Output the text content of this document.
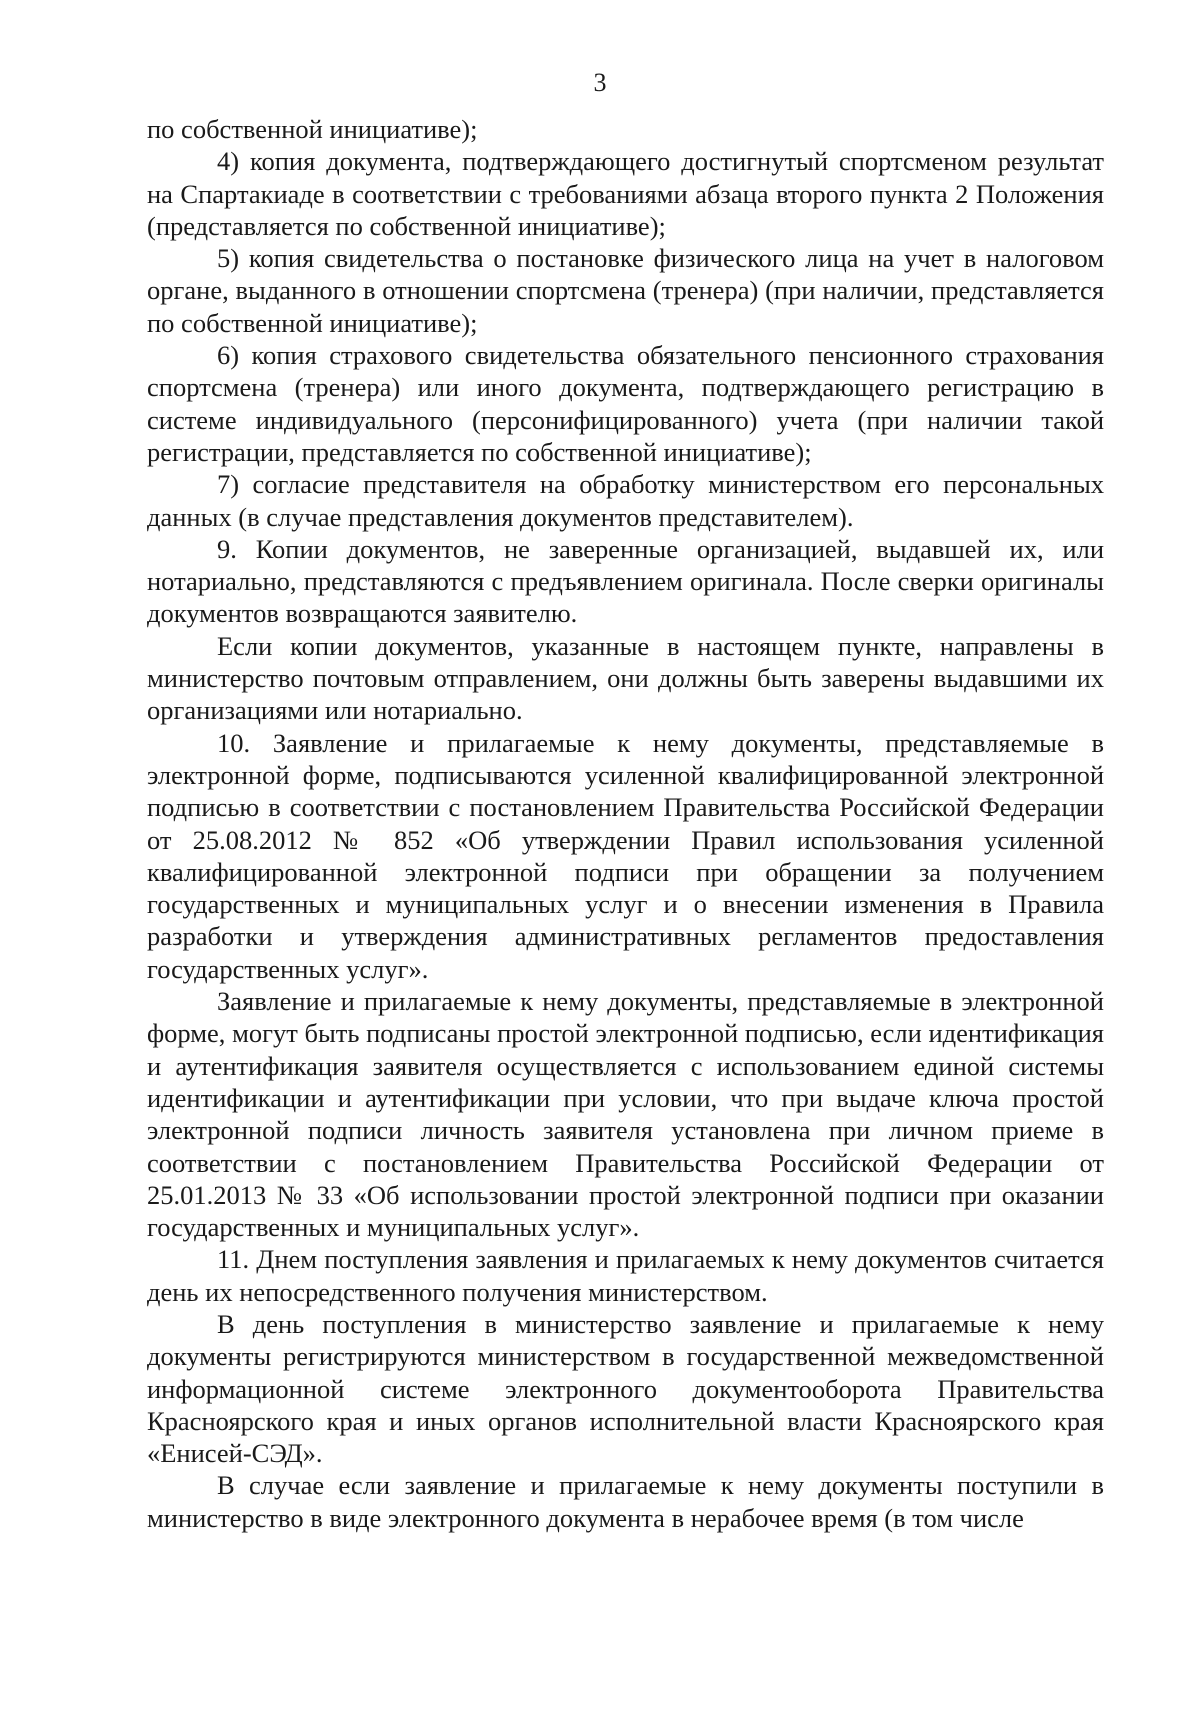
3

по собственной инициативе);

4) копия документа, подтверждающего достигнутый спортсменом результат на Спартакиаде в соответствии с требованиями абзаца второго пункта 2 Положения (представляется по собственной инициативе);

5) копия свидетельства о постановке физического лица на учет в налоговом органе, выданного в отношении спортсмена (тренера) (при наличии, представляется по собственной инициативе);

6) копия страхового свидетельства обязательного пенсионного страхования спортсмена (тренера) или иного документа, подтверждающего регистрацию в системе индивидуального (персонифицированного) учета (при наличии такой регистрации, представляется по собственной инициативе);

7) согласие представителя на обработку министерством его персональных данных (в случае представления документов представителем).

9. Копии документов, не заверенные организацией, выдавшей их, или нотариально, представляются с предъявлением оригинала. После сверки оригиналы документов возвращаются заявителю.

Если копии документов, указанные в настоящем пункте, направлены в министерство почтовым отправлением, они должны быть заверены выдавшими их организациями или нотариально.

10. Заявление и прилагаемые к нему документы, представляемые в электронной форме, подписываются усиленной квалифицированной электронной подписью в соответствии с постановлением Правительства Российской Федерации от 25.08.2012 № 852 «Об утверждении Правил использования усиленной квалифицированной электронной подписи при обращении за получением государственных и муниципальных услуг и о внесении изменения в Правила разработки и утверждения административных регламентов предоставления государственных услуг».

Заявление и прилагаемые к нему документы, представляемые в электронной форме, могут быть подписаны простой электронной подписью, если идентификация и аутентификация заявителя осуществляется с использованием единой системы идентификации и аутентификации при условии, что при выдаче ключа простой электронной подписи личность заявителя установлена при личном приеме в соответствии с постановлением Правительства Российской Федерации от 25.01.2013 № 33 «Об использовании простой электронной подписи при оказании государственных и муниципальных услуг».

11. Днем поступления заявления и прилагаемых к нему документов считается день их непосредственного получения министерством.

В день поступления в министерство заявление и прилагаемые к нему документы регистрируются министерством в государственной межведомственной информационной системе электронного документооборота Правительства Красноярского края и иных органов исполнительной власти Красноярского края «Енисей-СЭД».

В случае если заявление и прилагаемые к нему документы поступили в министерство в виде электронного документа в нерабочее время (в том числе
